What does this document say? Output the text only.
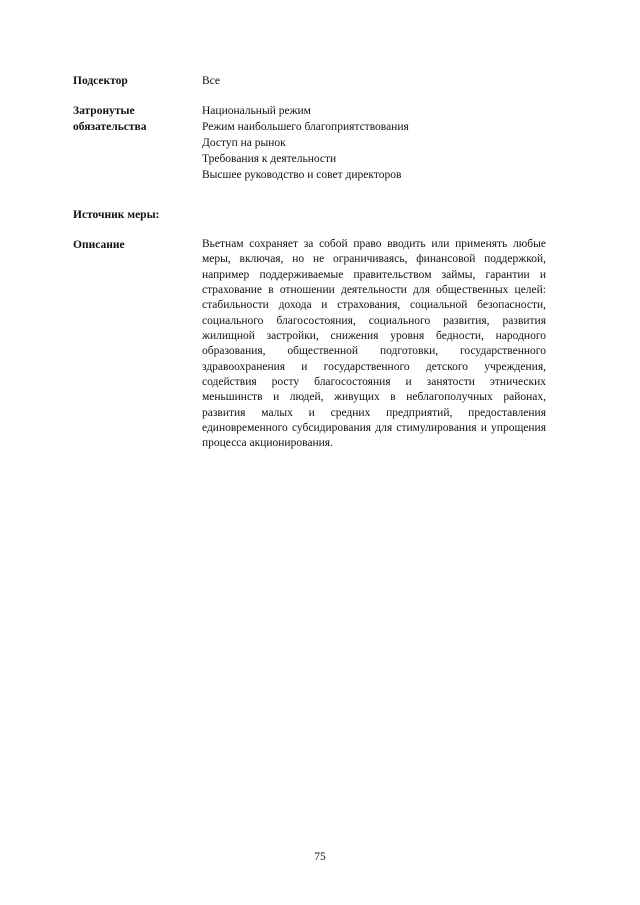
Подсектор	Все
Затронутые
обязательства
Национальный режим
Режим наибольшего благоприятствования
Доступ на рынок
Требования к деятельности
Высшее руководство и совет директоров
Источник меры:
Описание	Вьетнам сохраняет за собой право вводить или применять любые меры, включая, но не ограничиваясь, финансовой поддержкой, например поддерживаемые правительством займы, гарантии и страхование в отношении деятельности для общественных целей: стабильности дохода и страхования, социальной безопасности, социального благосостояния, социального развития, развития жилищной застройки, снижения уровня бедности, народного образования, общественной подготовки, государственного здравоохранения и государственного детского учреждения, содействия росту благосостояния и занятости этнических меньшинств и людей, живущих в неблагополучных районах, развития малых и средних предприятий, предоставления единовременного субсидирования для стимулирования и упрощения процесса акционирования.
75
